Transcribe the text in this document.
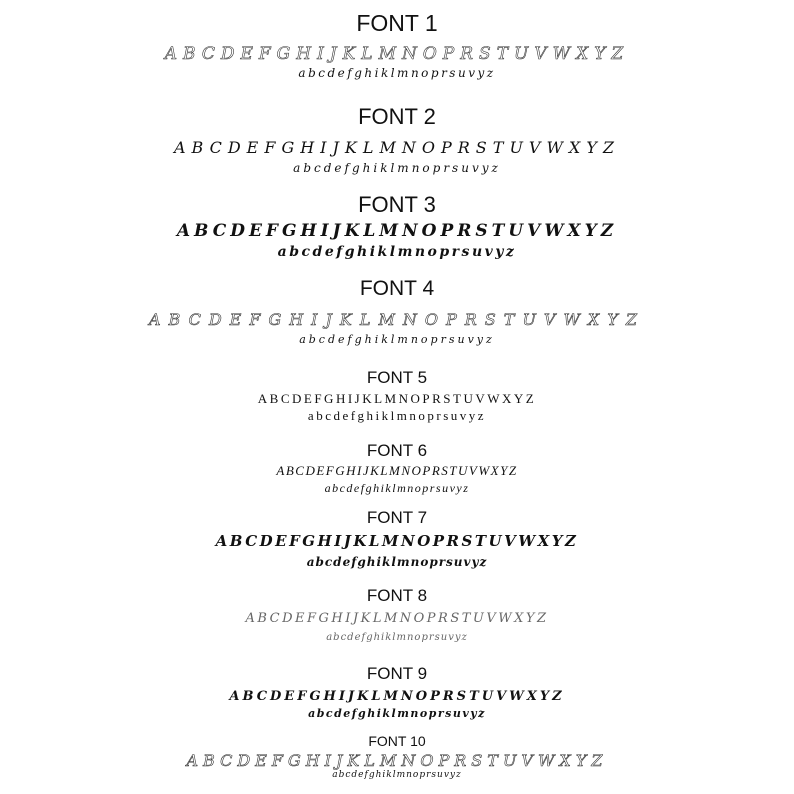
FONT 1
ABCDEFGHIJKLMNOPRSTUVWXYZ
abcdefghiklmnoprsuvyz
FONT 2
ABCDEFGHIJKLMNOPRSTUVWXYZ
abcdefghiklmnoprsuvyz
FONT 3
ABCDEFGHIJKLMNOPRSTUVWXYZ
abcdefghiklmnoprsuvyz
FONT 4
ABCDEFGHIJKLMNOPRSTUVWXYZ
abcdefghiklmnoprsuvyz
FONT 5
ABCDEFGHIJKLMNOPRSTUVWXYZ
abcdefghiklmnoprsuvyz
FONT 6
ABCDEFGHIJKLMNOPRSTUVWXYZ
abcdefghiklmnoprsuvyz
FONT 7
ABCDEFGHIJKLMNOPRSTUVWXYZ
abcdefghiklmnoprsuvyz
FONT 8
ABCDEFGHIJKLMNOPRSTUVWXYZ
abcdefghiklmnoprsuvyz
FONT 9
ABCDEFGHIJKLMNOPRSTUVWXYZ
abcdefghiklmnoprsuvyz
FONT 10
ABCDEFGHIJKLMNOPRSTUVWXYZ
abcdefghiklmnoprsuvyz
